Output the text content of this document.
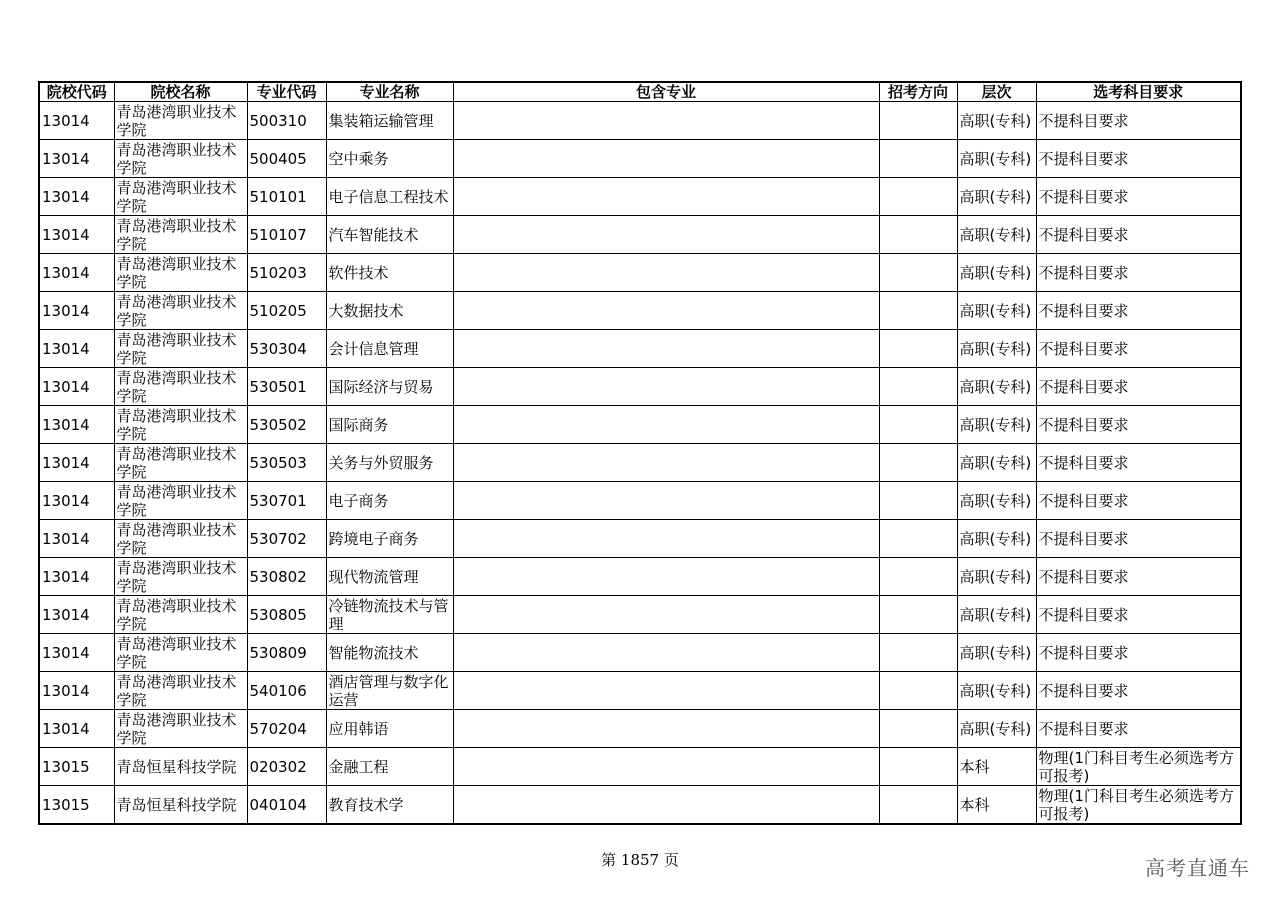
院校代码	院校名称	专业代码	专业名称	包含专业	招考方向	层次	选考科目要求
13014	青岛港湾职业技术学院	500310	集装箱运输管理			高职(专科)	不提科目要求
13014	青岛港湾职业技术学院	500405	空中乘务			高职(专科)	不提科目要求
13014	青岛港湾职业技术学院	510101	电子信息工程技术			高职(专科)	不提科目要求
13014	青岛港湾职业技术学院	510107	汽车智能技术			高职(专科)	不提科目要求
13014	青岛港湾职业技术学院	510203	软件技术			高职(专科)	不提科目要求
13014	青岛港湾职业技术学院	510205	大数据技术			高职(专科)	不提科目要求
13014	青岛港湾职业技术学院	530304	会计信息管理			高职(专科)	不提科目要求
13014	青岛港湾职业技术学院	530501	国际经济与贸易			高职(专科)	不提科目要求
13014	青岛港湾职业技术学院	530502	国际商务			高职(专科)	不提科目要求
13014	青岛港湾职业技术学院	530503	关务与外贸服务			高职(专科)	不提科目要求
13014	青岛港湾职业技术学院	530701	电子商务			高职(专科)	不提科目要求
13014	青岛港湾职业技术学院	530702	跨境电子商务			高职(专科)	不提科目要求
13014	青岛港湾职业技术学院	530802	现代物流管理			高职(专科)	不提科目要求
13014	青岛港湾职业技术学院	530805	冷链物流技术与管理			高职(专科)	不提科目要求
13014	青岛港湾职业技术学院	530809	智能物流技术			高职(专科)	不提科目要求
13014	青岛港湾职业技术学院	540106	酒店管理与数字化运营			高职(专科)	不提科目要求
13014	青岛港湾职业技术学院	570204	应用韩语			高职(专科)	不提科目要求
13015	青岛恒星科技学院	020302	金融工程			本科	物理(1门科目考生必须选考方可报考)
13015	青岛恒星科技学院	040104	教育技术学			本科	物理(1门科目考生必须选考方可报考)
第 1857 页	高考直通车
